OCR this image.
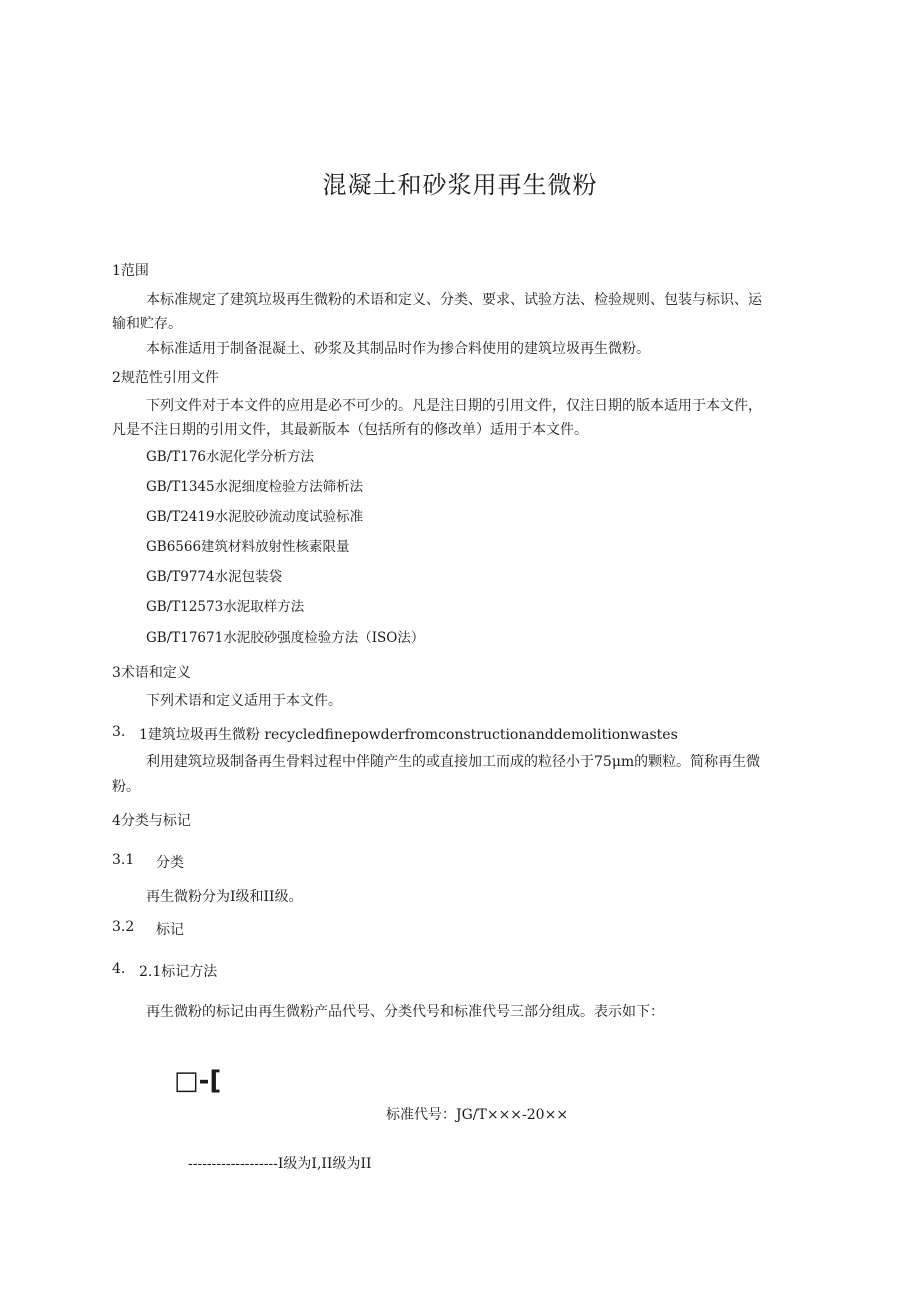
混凝土和砂浆用再生微粉
1范围
本标准规定了建筑垃圾再生微粉的术语和定义、分类、要求、试验方法、检验规则、包装与标识、运
输和贮存。
本标准适用于制备混凝土、砂浆及其制品时作为掺合料使用的建筑垃圾再生微粉。
2规范性引用文件
下列文件对于本文件的应用是必不可少的。凡是注日期的引用文件，仅注日期的版本适用于本文件，
凡是不注日期的引用文件，其最新版本（包括所有的修改单）适用于本文件。
GB/T176水泥化学分析方法
GB/T1345水泥细度检验方法筛析法
GB/T2419水泥胶砂流动度试验标准
GB6566建筑材料放射性核素限量
GB/T9774水泥包装袋
GB/T12573水泥取样方法
GB/T17671水泥胶砂强度检验方法（ISO法）
3术语和定义
下列术语和定义适用于本文件。
3. 1建筑垃圾再生微粉 recycledfinepowderfromconstructionanddemolitionwastes
利用建筑垃圾制备再生骨料过程中伴随产生的或直接加工而成的粒径小于75μm的颗粒。简称再生微
粉。
4分类与标记
3.1 分类
再生微粉分为I级和II级。
3.2 标记
4. 2.1标记方法
再生微粉的标记由再生微粉产品代号、分类代号和标准代号三部分组成。表示如下：
□-[
标准代号：JG/T×××-20××
-------------------I级为I,II级为II
